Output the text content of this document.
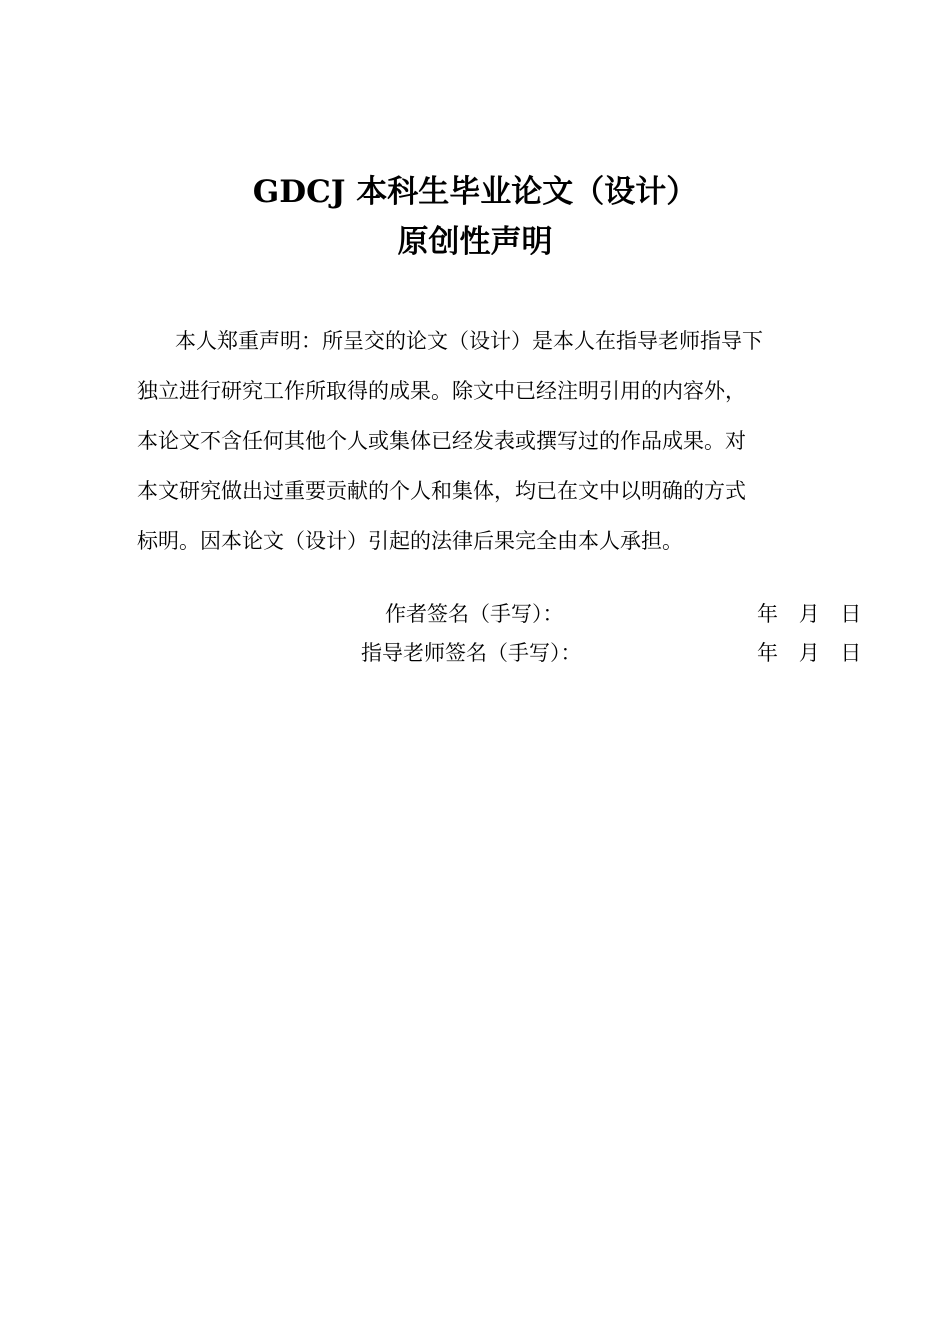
GDCJ 本科生毕业论文（设计）
原创性声明
本人郑重声明：所呈交的论文（设计）是本人在指导老师指导下
独立进行研究工作所取得的成果。除文中已经注明引用的内容外，
本论文不含任何其他个人或集体已经发表或撰写过的作品成果。对
本文研究做出过重要贡献的个人和集体，均已在文中以明确的方式
标明。因本论文（设计）引起的法律后果完全由本人承担。
作者签名（手写）：	年 月 日
指导老师签名（手写）：	年 月 日
